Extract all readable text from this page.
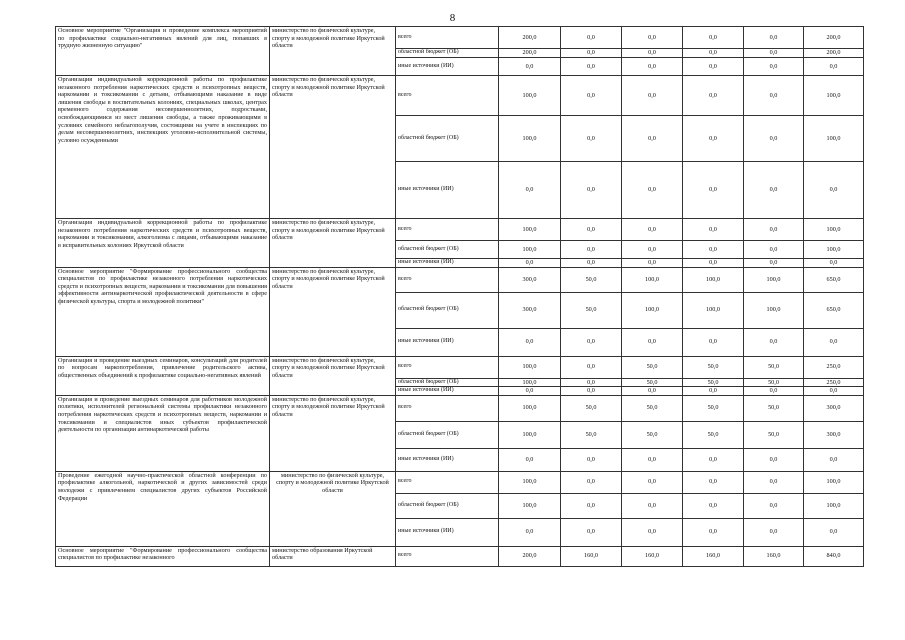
8
Основное мероприятие "Организация и проведение комплекса мероприятий по профилактике социально-негативных явлений для лиц, попавших в трудную жизненную ситуацию"	министерство по физической культуре, спорту и молодежной политике Иркутской области	всего	200,0	0,0	0,0	0,0	0,0	200,0
		областной бюджет (ОБ)	200,0	0,0	0,0	0,0	0,0	200,0
		иные источники (ИИ)	0,0	0,0	0,0	0,0	0,0	0,0
Организация индивидуальной коррекционной работы по профилактике незаконного потребления наркотических средств и психотропных веществ, наркомании и токсикомании с детьми, отбывающими наказание в виде лишения свободы в воспитательных колониях, специальных школах, центрах временного содержания несовершеннолетних, подростками, освобождающимися из мест лишения свободы, а также проживающими в условиях семейного неблагополучия, состоящими на учете в инспекциях по делам несовершеннолетних, инспекциях уголовно-исполнительной системы, условно осужденными	министерство по физической культуре, спорту и молодежной политике Иркутской области	всего	100,0	0,0	0,0	0,0	0,0	100,0
		областной бюджет (ОБ)	100,0	0,0	0,0	0,0	0,0	100,0
		иные источники (ИИ)	0,0	0,0	0,0	0,0	0,0	0,0
Организация индивидуальной коррекционной работы по профилактике незаконного потребления наркотических средств и психотропных веществ, наркомании и токсикомании, алкоголизма с лицами, отбывающими наказание в исправительных колониях Иркутской области	министерство по физической культуре, спорту и молодежной политике Иркутской области	всего	100,0	0,0	0,0	0,0	0,0	100,0
		областной бюджет (ОБ)	100,0	0,0	0,0	0,0	0,0	100,0
		иные источники (ИИ)	0,0	0,0	0,0	0,0	0,0	0,0
Основное мероприятие "Формирование профессионального сообщества специалистов по профилактике незаконного потребления наркотических средств и психотропных веществ, наркомании и токсикомании для повышения эффективности антинаркотической профилактической деятельности в сфере физической культуры, спорта и молодежной политики"	министерство по физической культуре, спорту и молодежной политике Иркутской области	всего	300,0	50,0	100,0	100,0	100,0	650,0
		областной бюджет (ОБ)	300,0	50,0	100,0	100,0	100,0	650,0
		иные источники (ИИ)	0,0	0,0	0,0	0,0	0,0	0,0
Организация и проведение выездных семинаров, консультаций для родителей по вопросам наркопотребления, привлечение родительского актива, общественных объединений к профилактике социально-негативных явлений	министерство по физической культуре, спорту и молодежной политике Иркутской области	всего	100,0	0,0	50,0	50,0	50,0	250,0
		областной бюджет (ОБ)	100,0	0,0	50,0	50,0	50,0	250,0
		иные источники (ИИ)	0,0	0,0	0,0	0,0	0,0	0,0
Организация и проведение выездных семинаров для работников молодежной политики, исполнителей региональной системы профилактики незаконного потребления наркотических средств и психотропных веществ, наркомании и токсикомании и специалистов иных субъектов профилактической деятельности по организации антинаркотической работы	министерство по физической культуре, спорту и молодежной политике Иркутской области	всего	100,0	50,0	50,0	50,0	50,0	300,0
		областной бюджет (ОБ)	100,0	50,0	50,0	50,0	50,0	300,0
		иные источники (ИИ)	0,0	0,0	0,0	0,0	0,0	0,0
Проведение ежегодной научно-практической областной конференции по профилактике алкогольной, наркотической и других зависимостей среди молодежи с привлечением специалистов других субъектов Российской Федерации	министерство по физической культуре, спорту и молодежной политике Иркутской области	всего	100,0	0,0	0,0	0,0	0,0	100,0
		областной бюджет (ОБ)	100,0	0,0	0,0	0,0	0,0	100,0
		иные источники (ИИ)	0,0	0,0	0,0	0,0	0,0	0,0
Основное мероприятие "Формирование профессионального сообщества специалистов по профилактике незаконного	министерство образования Иркутской области	всего	200,0	160,0	160,0	160,0	160,0	840,0
